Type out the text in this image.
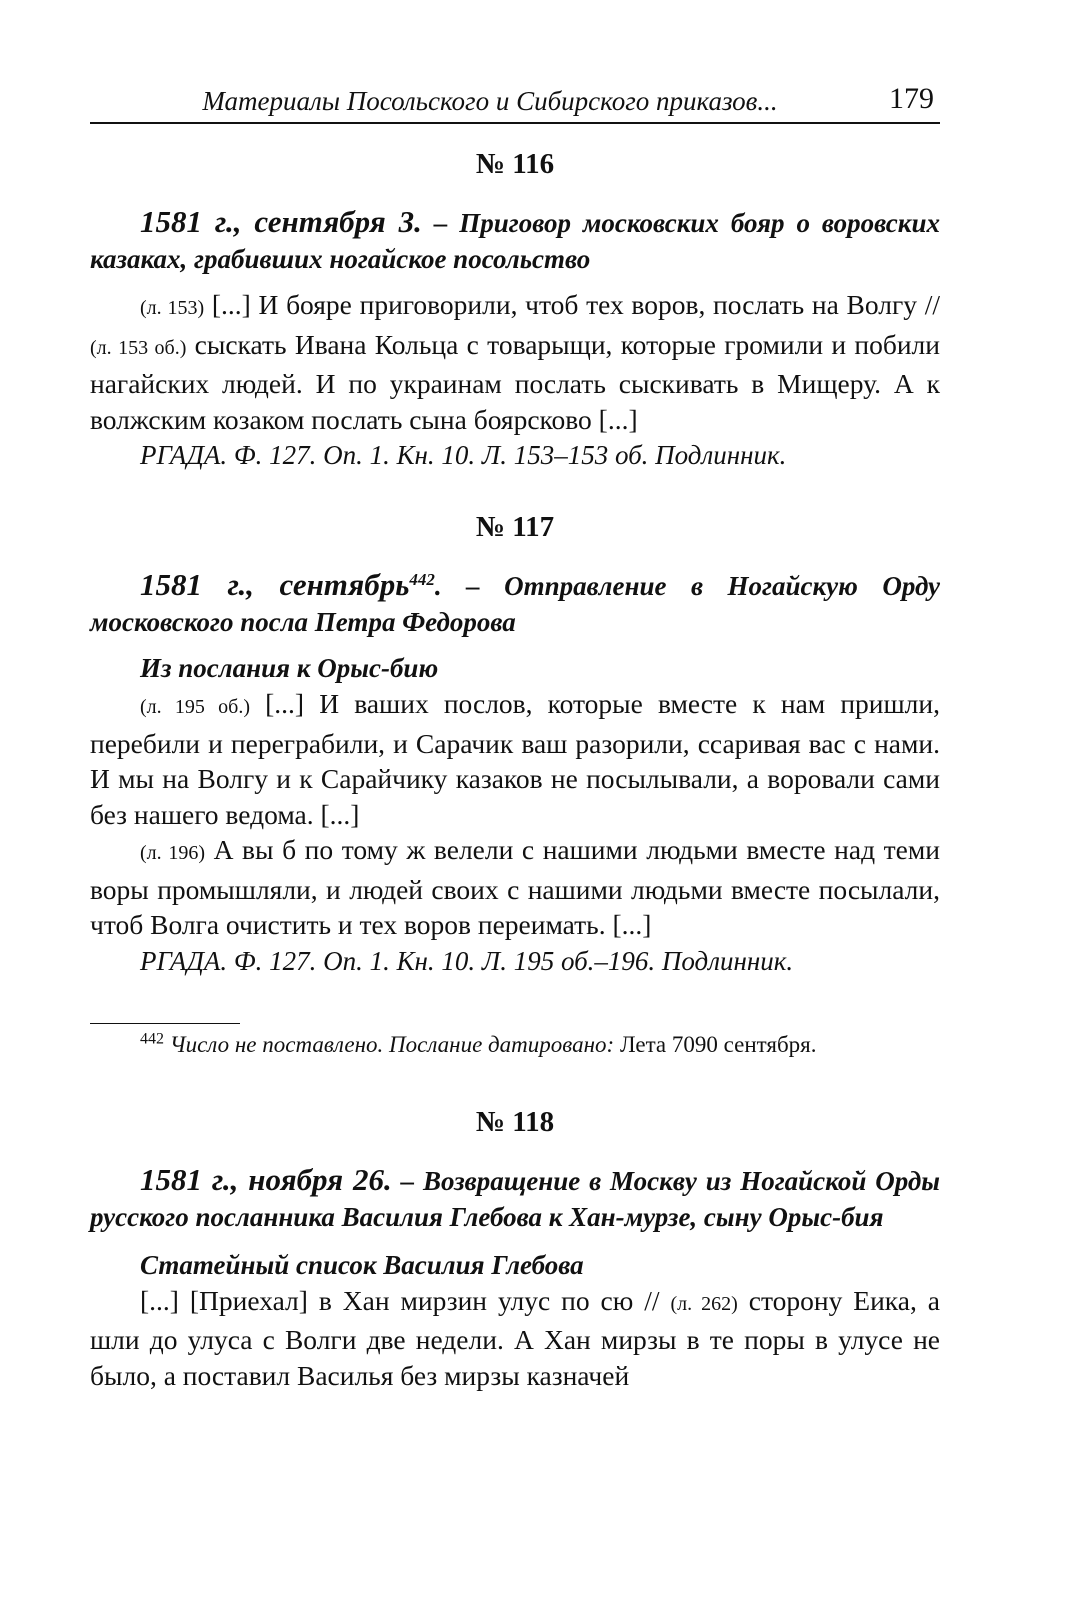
Материалы Посольского и Сибирского приказов...	179
№ 116
1581 г., сентября 3. – Приговор московских бояр о воровских казаках, грабивших ногайское посольство

(л. 153) [...] И бояре приговорили, чтоб тех воров, послать на Волгу // (л. 153 об.) сыскать Ивана Кольца с товарыщи, которые громили и побили нагайских людей. И по украинам послать сыскивать в Мищеру. А к волжским козаком послать сына боярсково [...]

РГАДА. Ф. 127. Оп. 1. Кн. 10. Л. 153–153 об. Подлинник.

№ 117
1581 г., сентябрь$^{442}$. – Отправление в Ногайскую Орду московского посла Петра Федорова
Из послания к Орыс-бию

(л. 195 об.) [...] И ваших послов, которые вместе к нам пришли, перебили и переграбили, и Сарачик ваш разорили, ссаривая вас с нами. И мы на Волгу и к Сарайчику казаков не посылывали, а воровали сами без нашего ведома. [...]

(л. 196) А вы б по тому ж велели с нашими людьми вместе над теми воры промышляли, и людей своих с нашими людьми вместе посылали, чтоб Волга очистить и тех воров переимать. [...]

РГАДА. Ф. 127. Оп. 1. Кн. 10. Л. 195 об.–196. Подлинник.

$^{442}$ Число не поставлено. Послание датировано: Лета 7090 сентября.
№ 118
1581 г., ноября 26. – Возвращение в Москву из Ногайской Орды русского посланника Василия Глебова к Хан-мурзе, сыну Орыс-бия
Статейный список Василия Глебова

[...] [Приехал] в Хан мирзин улус по сю // (л. 262) сторону Еика, а шли до улуса с Волги две недели. А Хан мирзы в те поры в улусе не было, а поставил Василья без мирзы казначей
